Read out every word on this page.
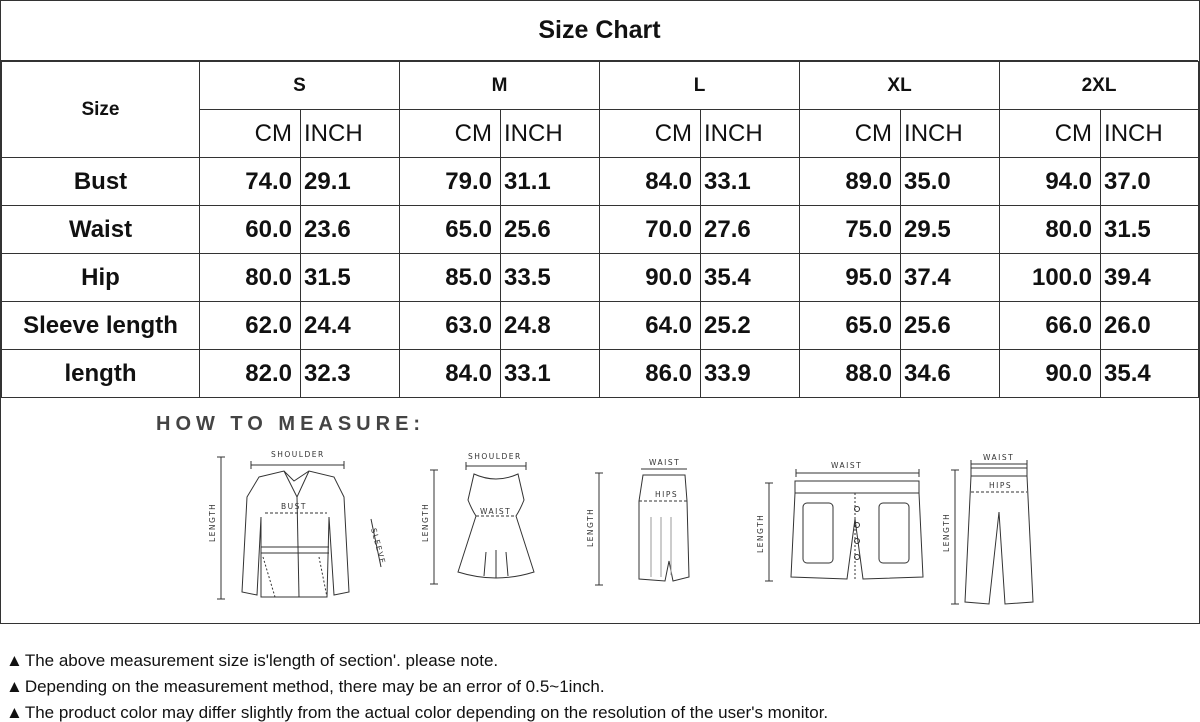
Size Chart
Size	S		M		L		XL		2XL	
	CM	INCH	CM	INCH	CM	INCH	CM	INCH	CM	INCH
Bust	74.0	29.1	79.0	31.1	84.0	33.1	89.0	35.0	94.0	37.0
Waist	60.0	23.6	65.0	25.6	70.0	27.6	75.0	29.5	80.0	31.5
Hip	80.0	31.5	85.0	33.5	90.0	35.4	95.0	37.4	100.0	39.4
Sleeve length	62.0	24.4	63.0	24.8	64.0	25.2	65.0	25.6	66.0	26.0
length	82.0	32.3	84.0	33.1	86.0	33.9	88.0	34.6	90.0	35.4
HOW TO MEASURE:
SHOULDER
BUST
LENGTH
SLEEVE
SHOULDER
WAIST
LENGTH
WAIST
HIPS
LENGTH
WAIST
LENGTH
WAIST
HIPS
LENGTH
▲ The above measurement size is'length of section'. please note.
▲ Depending on the measurement method, there may be an error of 0.5~1inch.
▲ The product color may differ slightly from the actual color depending on the resolution of the user's monitor.
